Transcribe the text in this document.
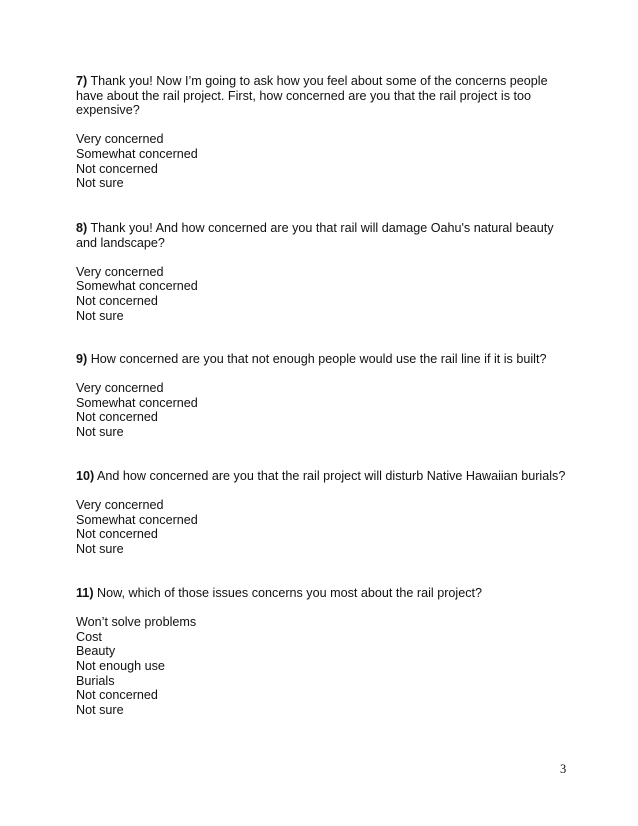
7) Thank you! Now I’m going to ask how you feel about some of the concerns people have about the rail project. First, how concerned are you that the rail project is too expensive?

Very concerned
Somewhat concerned
Not concerned
Not sure

8) Thank you! And how concerned are you that rail will damage Oahu's natural beauty and landscape?

Very concerned
Somewhat concerned
Not concerned
Not sure

9) How concerned are you that not enough people would use the rail line if it is built?

Very concerned
Somewhat concerned
Not concerned
Not sure

10) And how concerned are you that the rail project will disturb Native Hawaiian burials?

Very concerned
Somewhat concerned
Not concerned
Not sure

11) Now, which of those issues concerns you most about the rail project?

Won’t solve problems
Cost
Beauty
Not enough use
Burials
Not concerned
Not sure
3
